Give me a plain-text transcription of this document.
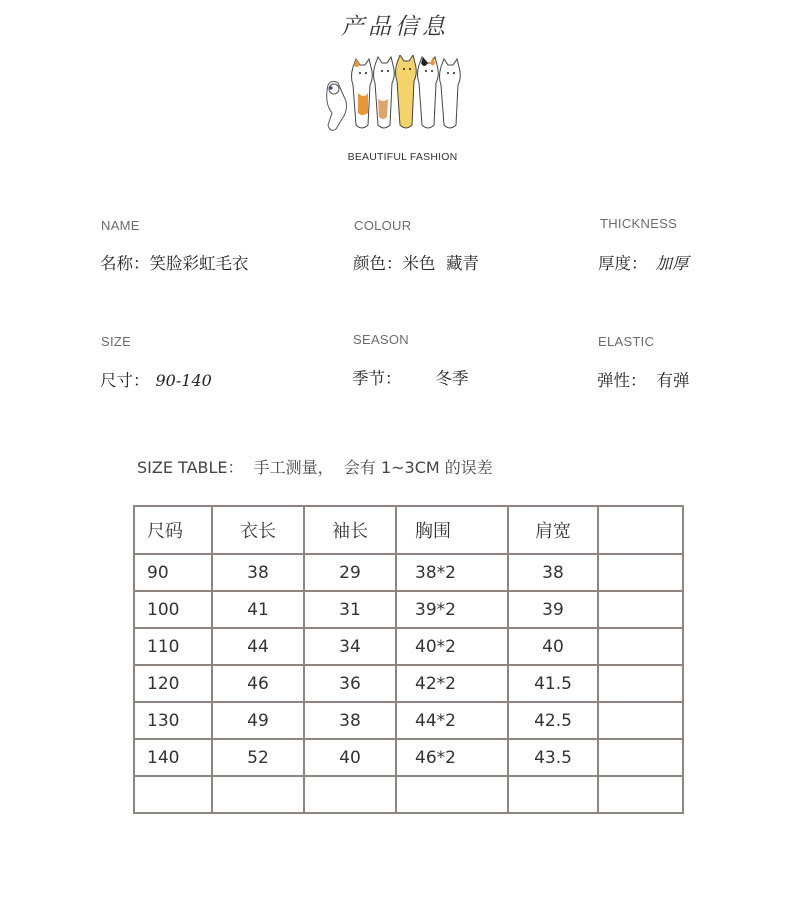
产品信息
BEAUTIFUL FASHION
NAME
名称：笑脸彩虹毛衣
COLOUR
颜色：米色  藏青
THICKNESS
厚度： 加厚
SIZE
尺寸： 90-140
SEASON
季节： 冬季
ELASTIC
弹性： 有弹
SIZE TABLE：  手工测量，  会有 1~3CM 的误差
尺码	衣长	袖长	胸围	肩宽	
90	38	29	38*2	38	
100	41	31	39*2	39	
110	44	34	40*2	40	
120	46	36	42*2	41.5	
130	49	38	44*2	42.5	
140	52	40	46*2	43.5	
